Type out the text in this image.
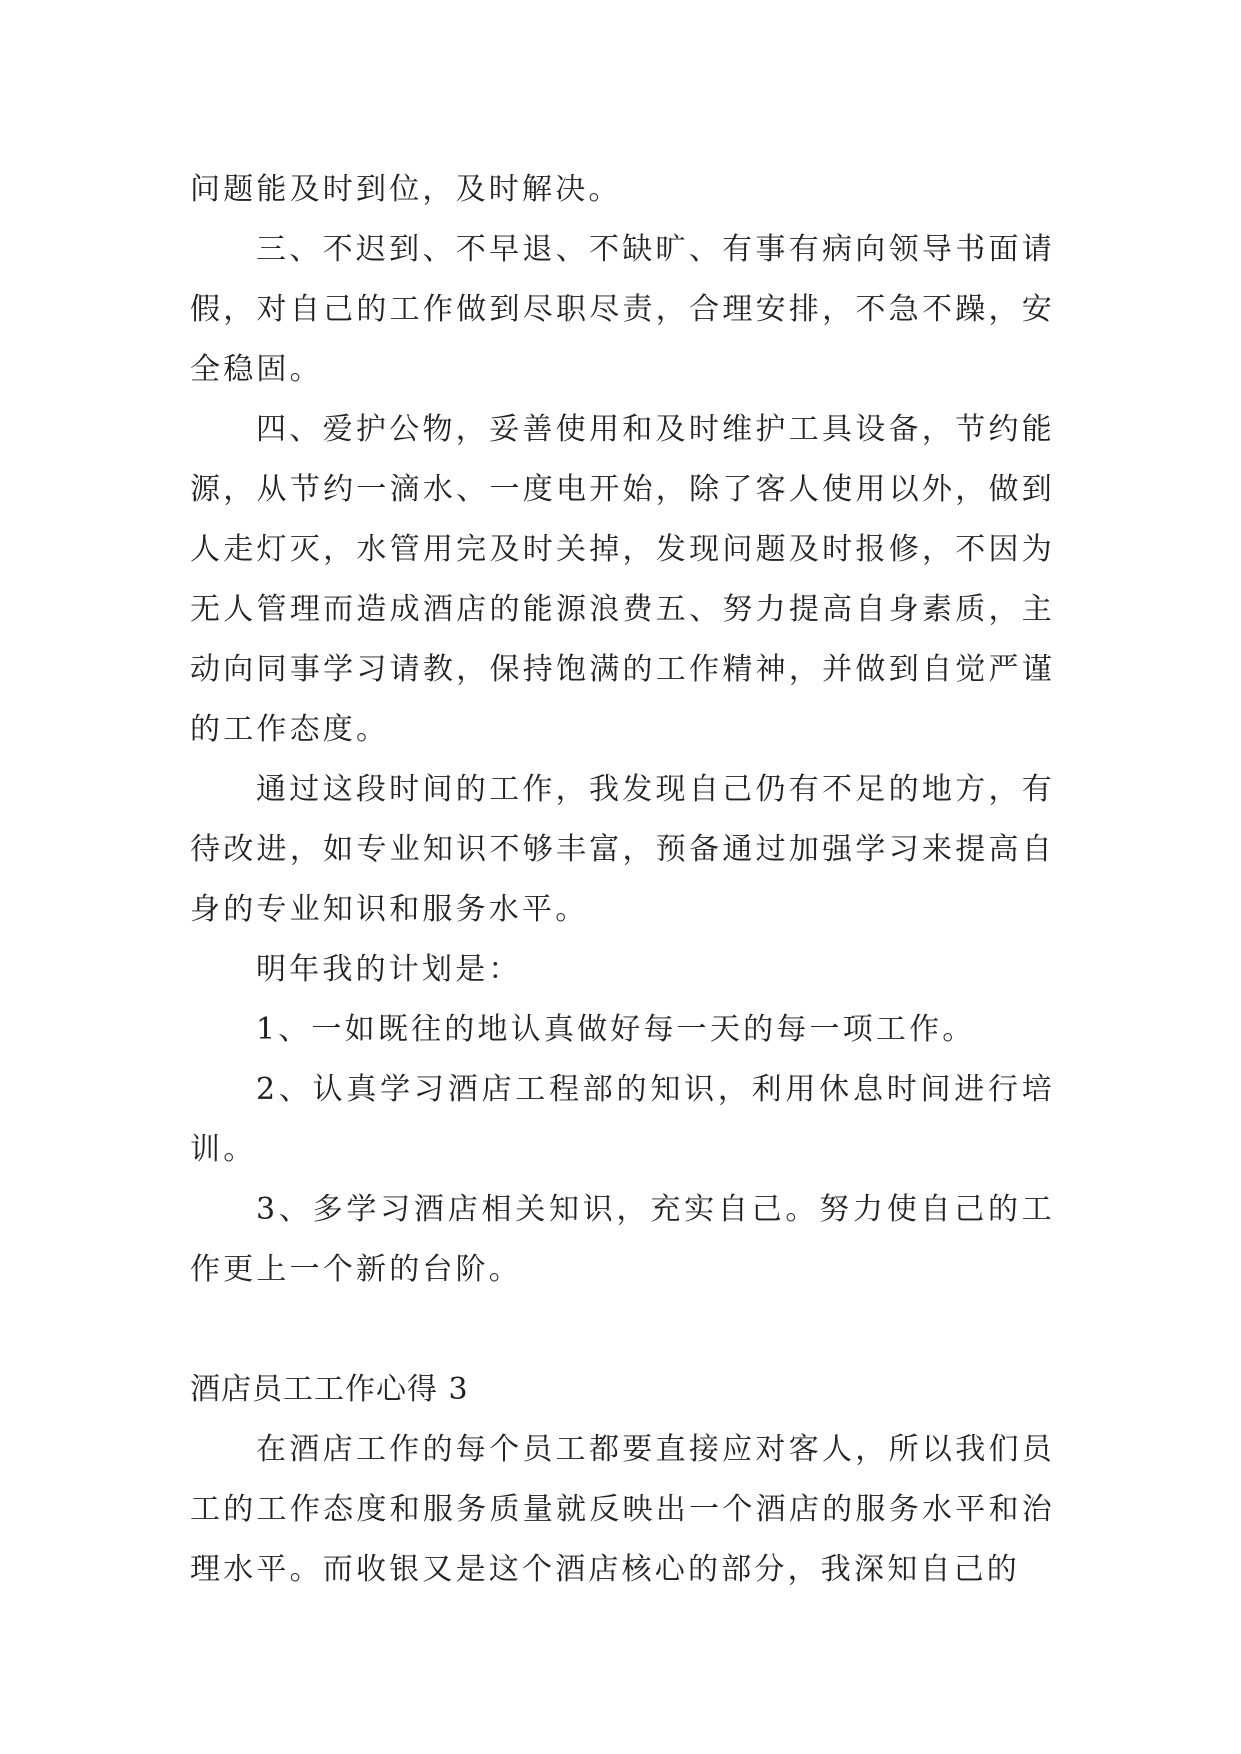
问题能及时到位，及时解决。

三、不迟到、不早退、不缺旷、有事有病向领导书面请假，对自己的工作做到尽职尽责，合理安排，不急不躁，安全稳固。

四、爱护公物，妥善使用和及时维护工具设备，节约能源，从节约一滴水、一度电开始，除了客人使用以外，做到人走灯灭，水管用完及时关掉，发现问题及时报修，不因为无人管理而造成酒店的能源浪费五、努力提高自身素质，主动向同事学习请教，保持饱满的工作精神，并做到自觉严谨的工作态度。

通过这段时间的工作，我发现自己仍有不足的地方，有待改进，如专业知识不够丰富，预备通过加强学习来提高自身的专业知识和服务水平。

明年我的计划是：

1、一如既往的地认真做好每一天的每一项工作。

2、认真学习酒店工程部的知识，利用休息时间进行培训。

3、多学习酒店相关知识，充实自己。努力使自己的工作更上一个新的台阶。

酒店员工工作心得 3

在酒店工作的每个员工都要直接应对客人，所以我们员工的工作态度和服务质量就反映出一个酒店的服务水平和治理水平。而收银又是这个酒店核心的部分，我深知自己的
